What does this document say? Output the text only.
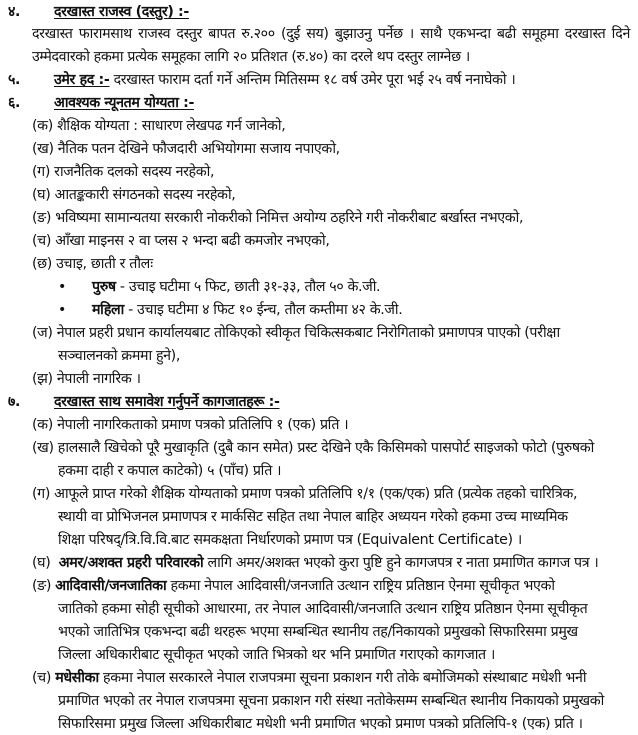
४. दरखास्त राजस्व (दस्तुर) :-
दरखास्त फारामसाथ राजस्व दस्तुर बापत रु.२०० (दुई सय) बुझाउनु पर्नेछ । साथै एकभन्दा बढी समूहमा दरखास्त दिने
उम्मेदवारको हकमा प्रत्येक समूहका लागि २० प्रतिशत (रु.४०) का दरले थप दस्तुर लाग्नेछ ।
५. उमेर हद :- दरखास्त फाराम दर्ता गर्ने अन्तिम मितिसम्म १८ वर्ष उमेर पूरा भई २५ वर्ष ननाघेको ।
६. आवश्यक न्यूनतम योग्यता :-
(क) शैक्षिक योग्यता : साधारण लेखपढ गर्न जानेको,
(ख) नैतिक पतन देखिने फौजदारी अभियोगमा सजाय नपाएको,
(ग) राजनैतिक दलको सदस्य नरहेको,
(घ) आतङ्ककारी संगठनको सदस्य नरहेको,
(ङ) भविष्यमा सामान्यतया सरकारी नोकरीको निमित्त अयोग्य ठहरिने गरी नोकरीबाट बर्खास्त नभएको,
(च) आँखा माइनस २ वा प्लस २ भन्दा बढी कमजोर नभएको,
(छ) उचाइ, छाती र तौलः
• पुरुष - उचाइ घटीमा ५ फिट, छाती ३१-३३, तौल ५० के.जी.
• महिला - उचाइ घटीमा ४ फिट १० ईन्च, तौल कम्तीमा ४२ के.जी.
(ज) नेपाल प्रहरी प्रधान कार्यालयबाट तोकिएको स्वीकृत चिकित्सकबाट निरोगिताको प्रमाणपत्र पाएको (परीक्षा
सञ्चालनको क्रममा हुने),
(झ) नेपाली नागरिक ।
७. दरखास्त साथ समावेश गर्नुपर्ने कागजातहरू :-
(क) नेपाली नागरिकताको प्रमाण पत्रको प्रतिलिपि १ (एक) प्रति ।
(ख) हालसालै खिचेको पूरै मुखाकृति (दुबै कान समेत) प्रस्ट देखिने एकै किसिमको पासपोर्ट साइजको फोटो (पुरुषको
हकमा दाही र कपाल काटेको) ५ (पाँच) प्रति ।
(ग) आफूले प्राप्त गरेको शैक्षिक योग्यताको प्रमाण पत्रको प्रतिलिपि १/१ (एक/एक) प्रति (प्रत्येक तहको चारित्रिक,
स्थायी वा प्रोभिजनल प्रमाणपत्र र मार्कसिट सहित तथा नेपाल बाहिर अध्ययन गरेको हकमा उच्च माध्यमिक
शिक्षा परिषद्/त्रि.वि.वि.बाट समकक्षता निर्धारणको प्रमाण पत्र (Equivalent Certificate) ।
(घ)  अमर/अशक्त प्रहरी परिवारको लागि अमर/अशक्त भएको कुरा पुष्टि हुने कागजपत्र र नाता प्रमाणित कागज पत्र ।
(ङ) आदिवासी/जनजातिका हकमा नेपाल आदिवासी/जनजाति उत्थान राष्ट्रिय प्रतिष्ठान ऐनमा सूचीकृत भएको
जातिको हकमा सोही सूचीको आधारमा, तर नेपाल आदिवासी/जनजाति उत्थान राष्ट्रिय प्रतिष्ठान ऐनमा सूचीकृत
भएको जातिभित्र एकभन्दा बढी थरहरू भएमा सम्बन्धित स्थानीय तह/निकायको प्रमुखको सिफारिसमा प्रमुख
जिल्ला अधिकारीबाट सूचीकृत भएको जाति भित्रको थर भनि प्रमाणित गराएको कागजात ।
(च) मधेसीका हकमा नेपाल सरकारले नेपाल राजपत्रमा सूचना प्रकाशन गरी तोके बमोजिमको संस्थाबाट मधेशी भनी
प्रमाणित भएको तर नेपाल राजपत्रमा सूचना प्रकाशन गरी संस्था नतोकेसम्म सम्बन्धित स्थानीय निकायको प्रमुखको
सिफारिसमा प्रमुख जिल्ला अधिकारीबाट मधेशी भनी प्रमाणित भएको प्रमाण पत्रको प्रतिलिपि-१ (एक) प्रति ।
